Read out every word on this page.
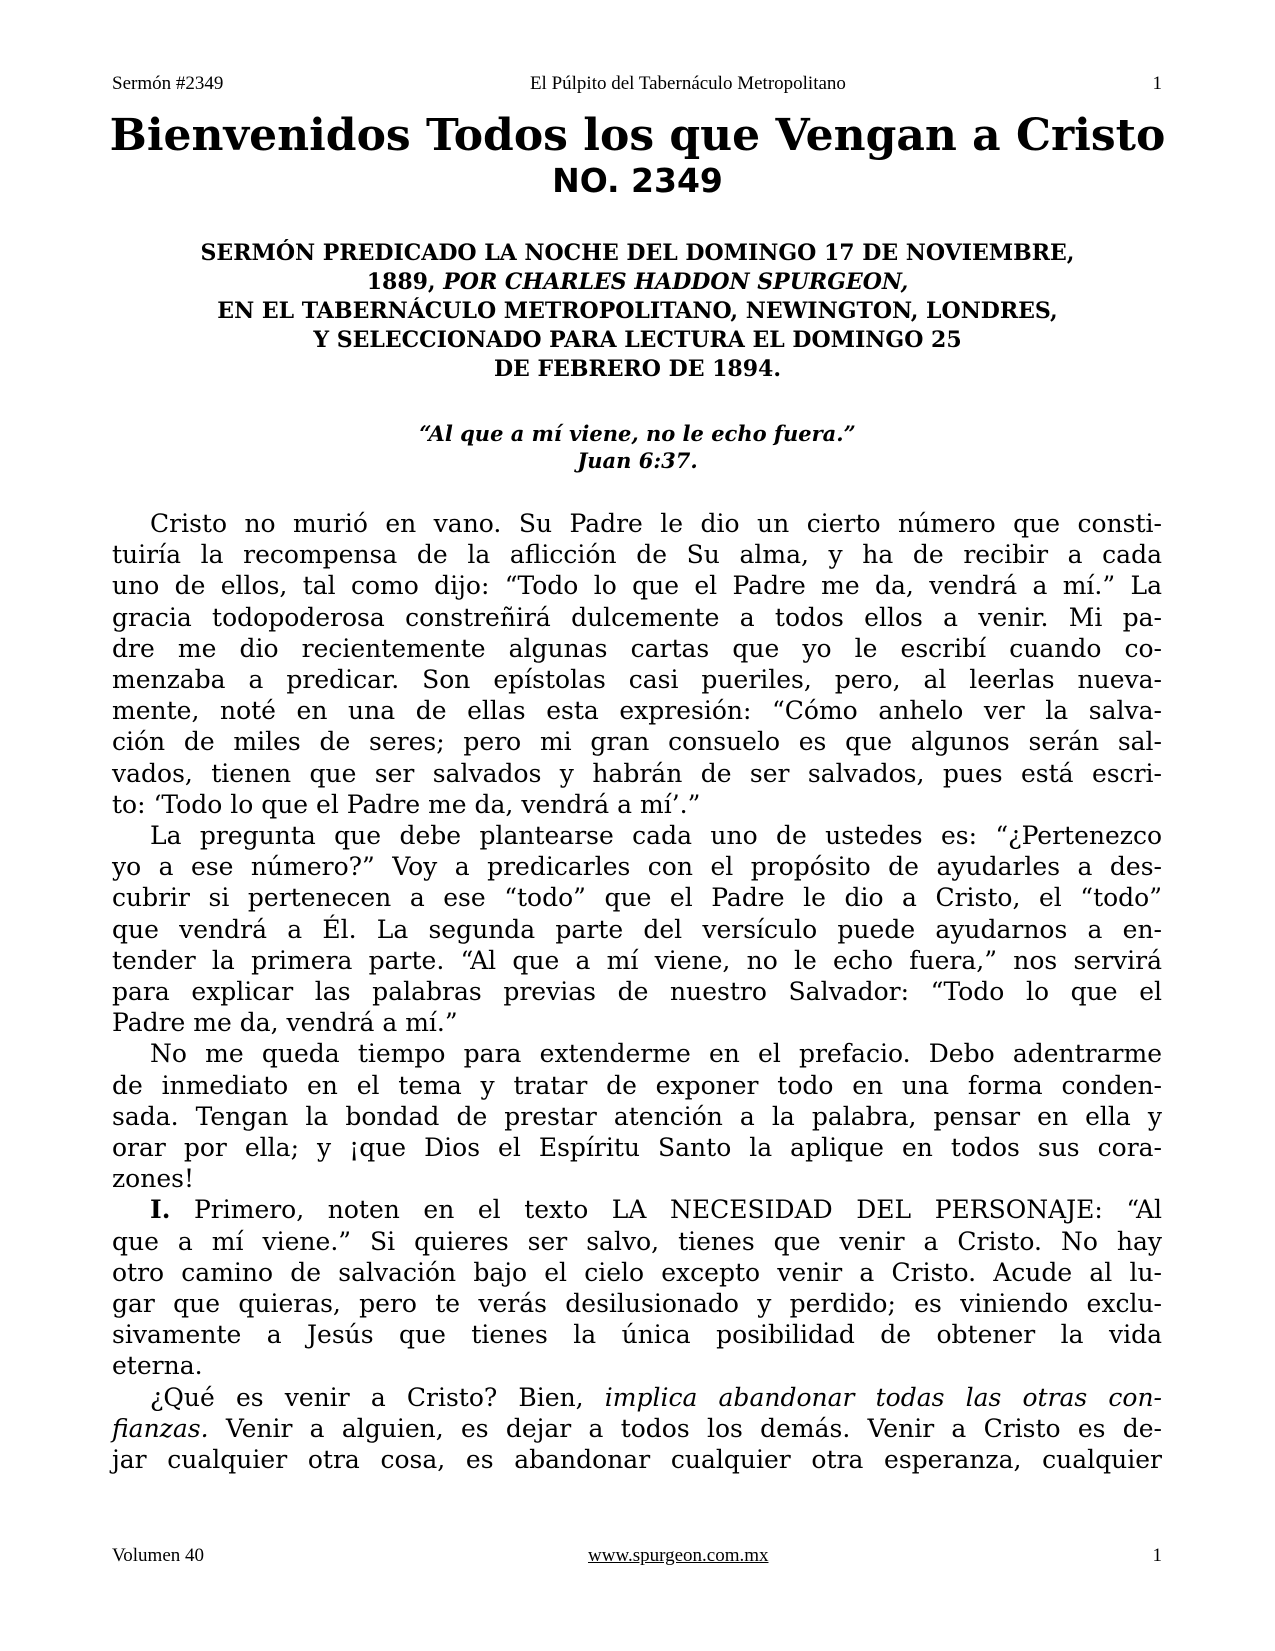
Sermón #2349	El Púlpito del Tabernáculo Metropolitano	1
Bienvenidos Todos los que Vengan a Cristo
NO. 2349
SERMÓN PREDICADO LA NOCHE DEL DOMINGO 17 DE NOVIEMBRE,
1889, POR CHARLES HADDON SPURGEON,
EN EL TABERNÁCULO METROPOLITANO, NEWINGTON, LONDRES,
Y SELECCIONADO PARA LECTURA EL DOMINGO 25
DE FEBRERO DE 1894.
“Al que a mí viene, no le echo fuera.”
Juan 6:37.
Cristo no murió en vano. Su Padre le dio un cierto número que consti-
tuiría la recompensa de la aflicción de Su alma, y ha de recibir a cada
uno de ellos, tal como dijo: “Todo lo que el Padre me da, vendrá a mí.” La
gracia todopoderosa constreñirá dulcemente a todos ellos a venir. Mi pa-
dre me dio recientemente algunas cartas que yo le escribí cuando co-
menzaba a predicar. Son epístolas casi pueriles, pero, al leerlas nueva-
mente, noté en una de ellas esta expresión: “Cómo anhelo ver la salva-
ción de miles de seres; pero mi gran consuelo es que algunos serán sal-
vados, tienen que ser salvados y habrán de ser salvados, pues está escri-
to: ‘Todo lo que el Padre me da, vendrá a mí’.”
La pregunta que debe plantearse cada uno de ustedes es: “¿Pertenezco
yo a ese número?” Voy a predicarles con el propósito de ayudarles a des-
cubrir si pertenecen a ese “todo” que el Padre le dio a Cristo, el “todo”
que vendrá a Él. La segunda parte del versículo puede ayudarnos a en-
tender la primera parte. “Al que a mí viene, no le echo fuera,” nos servirá
para explicar las palabras previas de nuestro Salvador: “Todo lo que el
Padre me da, vendrá a mí.”
No me queda tiempo para extenderme en el prefacio. Debo adentrarme
de inmediato en el tema y tratar de exponer todo en una forma conden-
sada. Tengan la bondad de prestar atención a la palabra, pensar en ella y
orar por ella; y ¡que Dios el Espíritu Santo la aplique en todos sus cora-
zones!
I. Primero, noten en el texto LA NECESIDAD DEL PERSONAJE: “Al
que a mí viene.” Si quieres ser salvo, tienes que venir a Cristo. No hay
otro camino de salvación bajo el cielo excepto venir a Cristo. Acude al lu-
gar que quieras, pero te verás desilusionado y perdido; es viniendo exclu-
sivamente a Jesús que tienes la única posibilidad de obtener la vida
eterna.
¿Qué es venir a Cristo? Bien, implica abandonar todas las otras con-
fianzas. Venir a alguien, es dejar a todos los demás. Venir a Cristo es de-
jar cualquier otra cosa, es abandonar cualquier otra esperanza, cualquier
Volumen 40	www.spurgeon.com.mx	1
